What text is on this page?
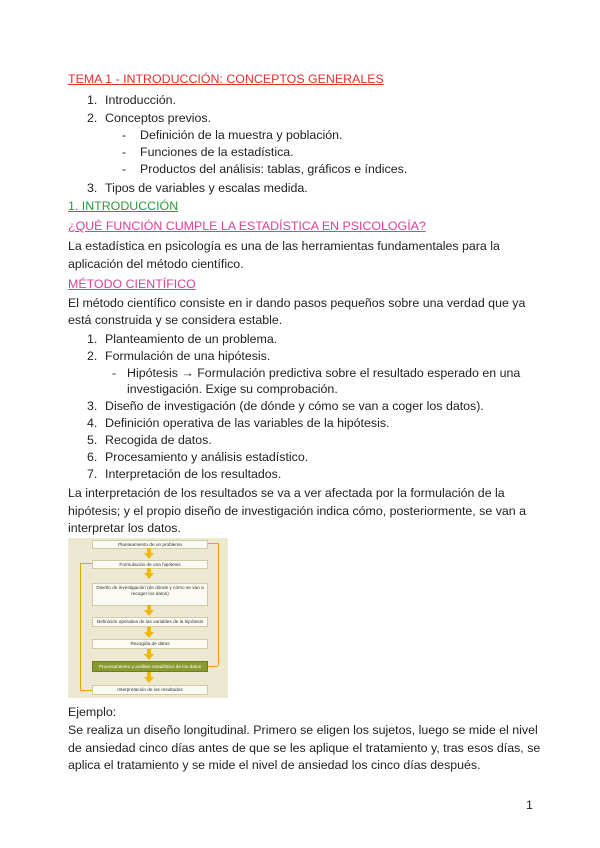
TEMA 1 - INTRODUCCIÓN: CONCEPTOS GENERALES
1. Introducción.
2. Conceptos previos.
- Definición de la muestra y población.
- Funciones de la estadística.
- Productos del análisis: tablas, gráficos e índices.
3. Tipos de variables y escalas medida.
1. INTRODUCCIÓN
¿QUÉ FUNCIÓN CUMPLE LA ESTADÍSTICA EN PSICOLOGÍA?
La estadística en psicología es una de las herramientas fundamentales para la
aplicación del método científico.
MÉTODO CIENTÍFICO
El método científico consiste en ir dando pasos pequeños sobre una verdad que ya
está construida y se considera estable.
1. Planteamiento de un problema.
2. Formulación de una hipótesis.
- Hipótesis → Formulación predictiva sobre el resultado esperado en una
investigación. Exige su comprobación.
3. Diseño de investigación (de dónde y cómo se van a coger los datos).
4. Definición operativa de las variables de la hipótesis.
5. Recogida de datos.
6. Procesamiento y análisis estadístico.
7. Interpretación de los resultados.
La interpretación de los resultados se va a ver afectada por la formulación de la
hipótesis; y el propio diseño de investigación indica cómo, posteriormente, se van a
interpretar los datos.
Planteamiento de un problema
Formulación de una hipótesis
Diseño de investigación (de dónde y cómo se van a recoger los datos)
Definición operativa de las variables de la hipótesis
Recogida de datos
Procesamiento y análisis estadístico de los datos
Interpretación de los resultados
Ejemplo:
Se realiza un diseño longitudinal. Primero se eligen los sujetos, luego se mide el nivel
de ansiedad cinco días antes de que se les aplique el tratamiento y, tras esos días, se
aplica el tratamiento y se mide el nivel de ansiedad los cinco días después.
1
